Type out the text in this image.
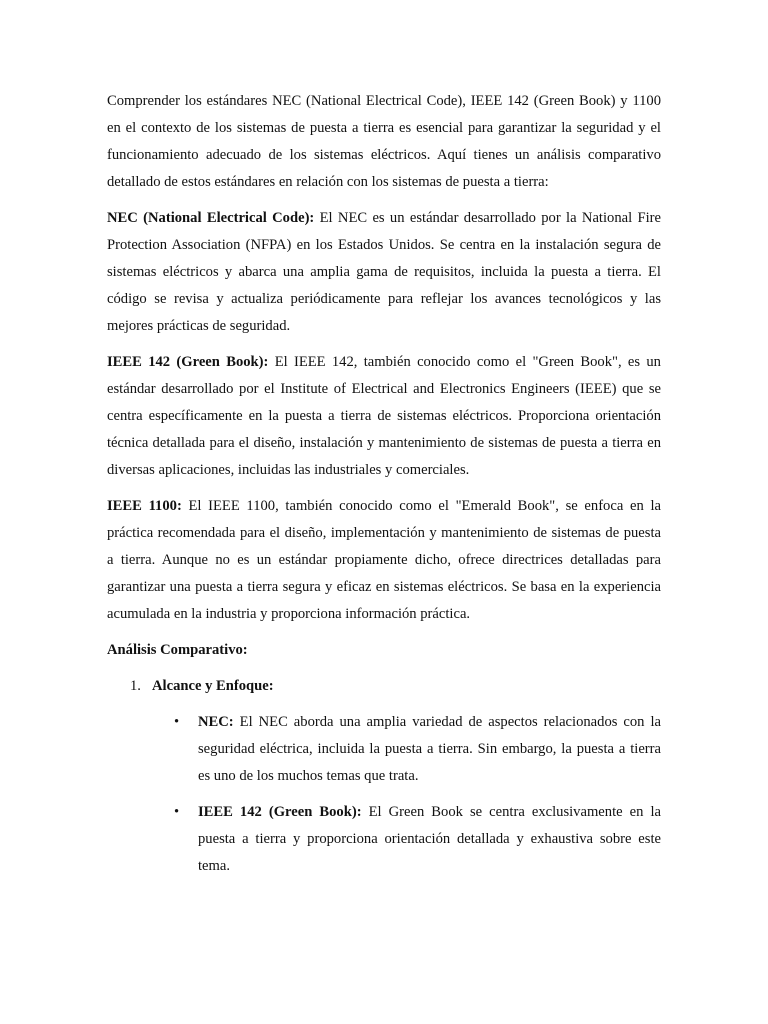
Comprender los estándares NEC (National Electrical Code), IEEE 142 (Green Book) y 1100 en el contexto de los sistemas de puesta a tierra es esencial para garantizar la seguridad y el funcionamiento adecuado de los sistemas eléctricos. Aquí tienes un análisis comparativo detallado de estos estándares en relación con los sistemas de puesta a tierra:

NEC (National Electrical Code): El NEC es un estándar desarrollado por la National Fire Protection Association (NFPA) en los Estados Unidos. Se centra en la instalación segura de sistemas eléctricos y abarca una amplia gama de requisitos, incluida la puesta a tierra. El código se revisa y actualiza periódicamente para reflejar los avances tecnológicos y las mejores prácticas de seguridad.

IEEE 142 (Green Book): El IEEE 142, también conocido como el "Green Book", es un estándar desarrollado por el Institute of Electrical and Electronics Engineers (IEEE) que se centra específicamente en la puesta a tierra de sistemas eléctricos. Proporciona orientación técnica detallada para el diseño, instalación y mantenimiento de sistemas de puesta a tierra en diversas aplicaciones, incluidas las industriales y comerciales.

IEEE 1100: El IEEE 1100, también conocido como el "Emerald Book", se enfoca en la práctica recomendada para el diseño, implementación y mantenimiento de sistemas de puesta a tierra. Aunque no es un estándar propiamente dicho, ofrece directrices detalladas para garantizar una puesta a tierra segura y eficaz en sistemas eléctricos. Se basa en la experiencia acumulada en la industria y proporciona información práctica.

Análisis Comparativo:
1. Alcance y Enfoque:
•	NEC: El NEC aborda una amplia variedad de aspectos relacionados con la seguridad eléctrica, incluida la puesta a tierra. Sin embargo, la puesta a tierra es uno de los muchos temas que trata.

•	IEEE 142 (Green Book): El Green Book se centra exclusivamente en la puesta a tierra y proporciona orientación detallada y exhaustiva sobre este tema.
